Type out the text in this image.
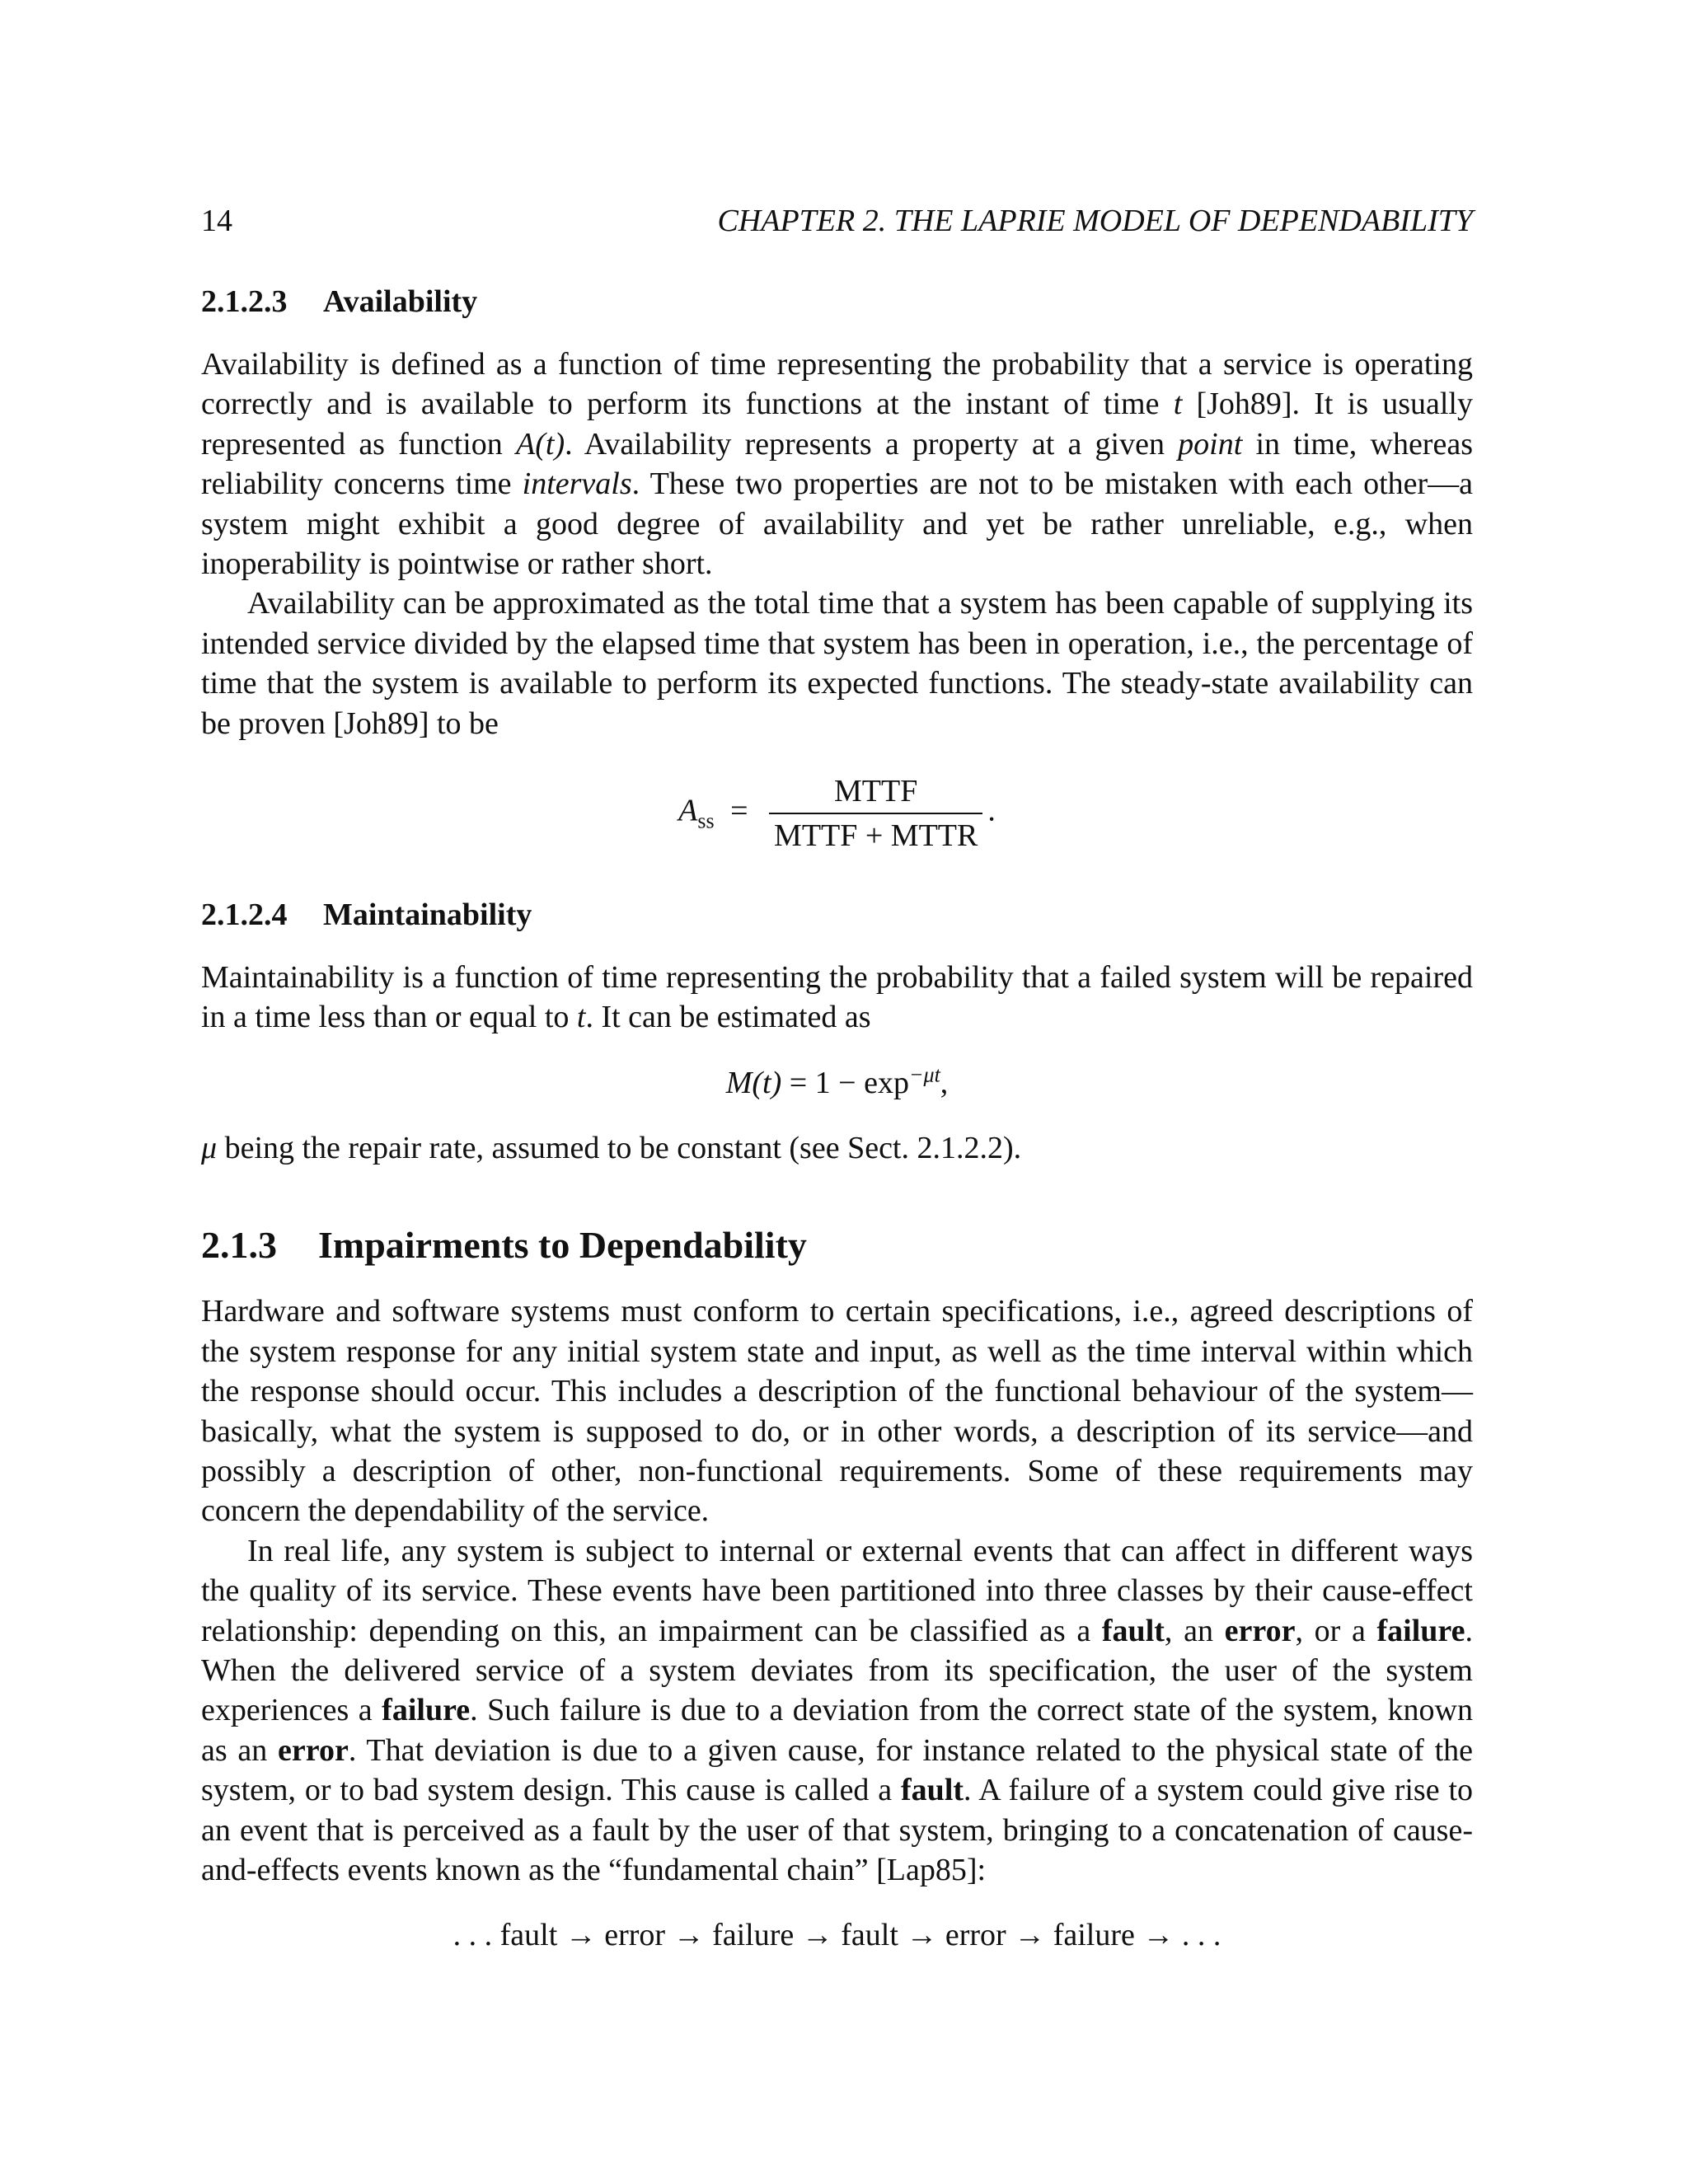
14	CHAPTER 2. THE LAPRIE MODEL OF DEPENDABILITY
2.1.2.3 Availability

Availability is defined as a function of time representing the probability that a service is operating correctly and is available to perform its functions at the instant of time t [Joh89]. It is usually represented as function A(t). Availability represents a property at a given point in time, whereas reliability concerns time intervals. These two properties are not to be mistaken with each other—a system might exhibit a good degree of availability and yet be rather unreliable, e.g., when inoperability is pointwise or rather short.

Availability can be approximated as the total time that a system has been capable of supplying its intended service divided by the elapsed time that system has been in operation, i.e., the percentage of time that the system is available to perform its expected functions. The steady-state availability can be proven [Joh89] to be

$A_{ss} = \frac{\text{MTTF}}{\text{MTTF + MTTR}}$ .
2.1.2.4 Maintainability

Maintainability is a function of time representing the probability that a failed system will be repaired in a time less than or equal to t. It can be estimated as

$M(t) = 1 - \exp^{-\mu t}$,

μ being the repair rate, assumed to be constant (see Sect. 2.1.2.2).

2.1.3 Impairments to Dependability

Hardware and software systems must conform to certain specifications, i.e., agreed descriptions of the system response for any initial system state and input, as well as the time interval within which the response should occur. This includes a description of the functional behaviour of the system—basically, what the system is supposed to do, or in other words, a description of its service—and possibly a description of other, non-functional requirements. Some of these requirements may concern the dependability of the service.

In real life, any system is subject to internal or external events that can affect in different ways the quality of its service. These events have been partitioned into three classes by their cause-effect relationship: depending on this, an impairment can be classified as a fault, an error, or a failure. When the delivered service of a system deviates from its specification, the user of the system experiences a failure. Such failure is due to a deviation from the correct state of the system, known as an error. That deviation is due to a given cause, for instance related to the physical state of the system, or to bad system design. This cause is called a fault. A failure of a system could give rise to an event that is perceived as a fault by the user of that system, bringing to a concatenation of cause-and-effects events known as the “fundamental chain” [Lap85]:

. . . fault → error → failure → fault → error → failure → . . .
